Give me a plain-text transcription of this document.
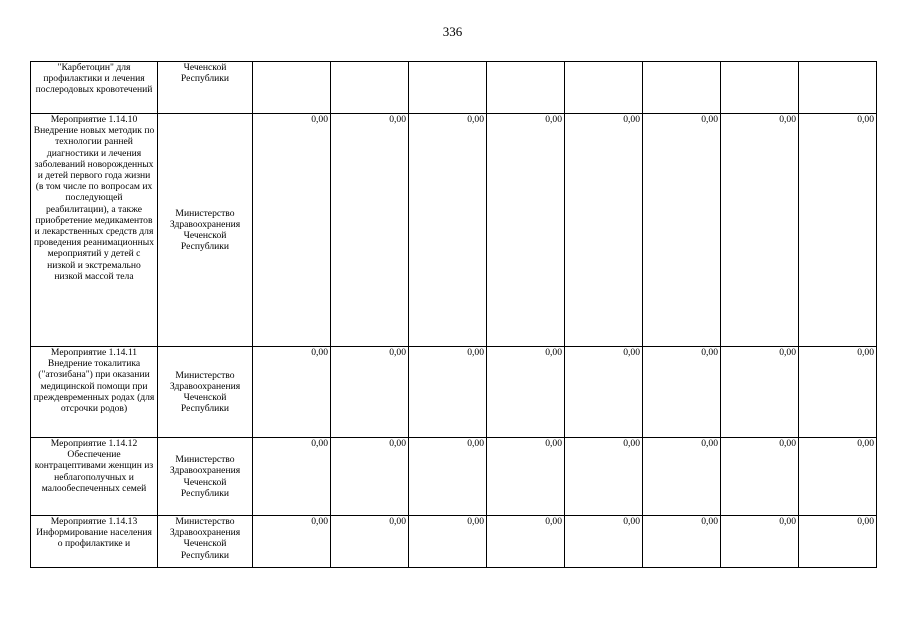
336
"Карбетоцин" для профилактики и лечения послеродовых кровотечений	Чеченской Республики								
Мероприятие 1.14.10 Внедрение новых методик по технологии ранней диагностики и лечения заболеваний новорожденных и детей первого года жизни (в том числе по вопросам их последующей реабилитации), а также приобретение медикаментов и лекарственных средств для проведения реанимационных мероприятий у детей с низкой и экстремально низкой массой тела	Министерство Здравоохранения Чеченской Республики	0,00	0,00	0,00	0,00	0,00	0,00	0,00	0,00
Мероприятие 1.14.11 Внедрение токалитика ("атозибана") при оказании медицинской помощи при преждевременных родах (для отсрочки родов)	Министерство Здравоохранения Чеченской Республики	0,00	0,00	0,00	0,00	0,00	0,00	0,00	0,00
Мероприятие 1.14.12 Обеспечение контрацептивами женщин из неблагополучных и малообеспеченных семей	Министерство Здравоохранения Чеченской Республики	0,00	0,00	0,00	0,00	0,00	0,00	0,00	0,00
Мероприятие 1.14.13 Информирование населения о профилактике и	Министерство Здравоохранения Чеченской Республики	0,00	0,00	0,00	0,00	0,00	0,00	0,00	0,00
